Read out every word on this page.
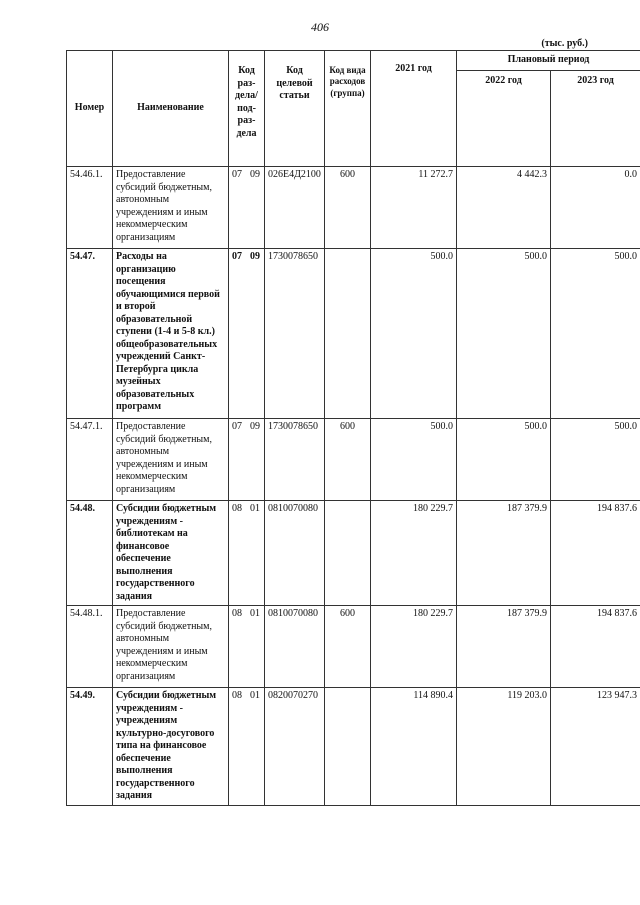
406
(тыс. руб.)
Номер	Наименование	Код раз-дела/ под-раз-дела	Код целевой статьи	Код вида расходов (группа)	2021 год	Плановый период	
						2022 год	2023 год
54.46.1.	Предоставление субсидий бюджетным, автономным учреждениям и иным некоммерческим организациям	07 09	026Е4Д2100	600	11 272.7	4 442.3	0.0
54.47.	Расходы на организацию посещения обучающимися первой и второй образовательной ступени (1-4 и 5-8 кл.) общеобразовательных учреждений Санкт-Петербурга цикла музейных образовательных программ	07 09	1730078650		500.0	500.0	500.0
54.47.1.	Предоставление субсидий бюджетным, автономным учреждениям и иным некоммерческим организациям	07 09	1730078650	600	500.0	500.0	500.0
54.48.	Субсидии бюджетным учреждениям - библиотекам на финансовое обеспечение выполнения государственного задания	08 01	0810070080		180 229.7	187 379.9	194 837.6
54.48.1.	Предоставление субсидий бюджетным, автономным учреждениям и иным некоммерческим организациям	08 01	0810070080	600	180 229.7	187 379.9	194 837.6
54.49.	Субсидии бюджетным учреждениям - учреждениям культурно-досугового типа на финансовое обеспечение выполнения государственного задания	08 01	0820070270		114 890.4	119 203.0	123 947.3
